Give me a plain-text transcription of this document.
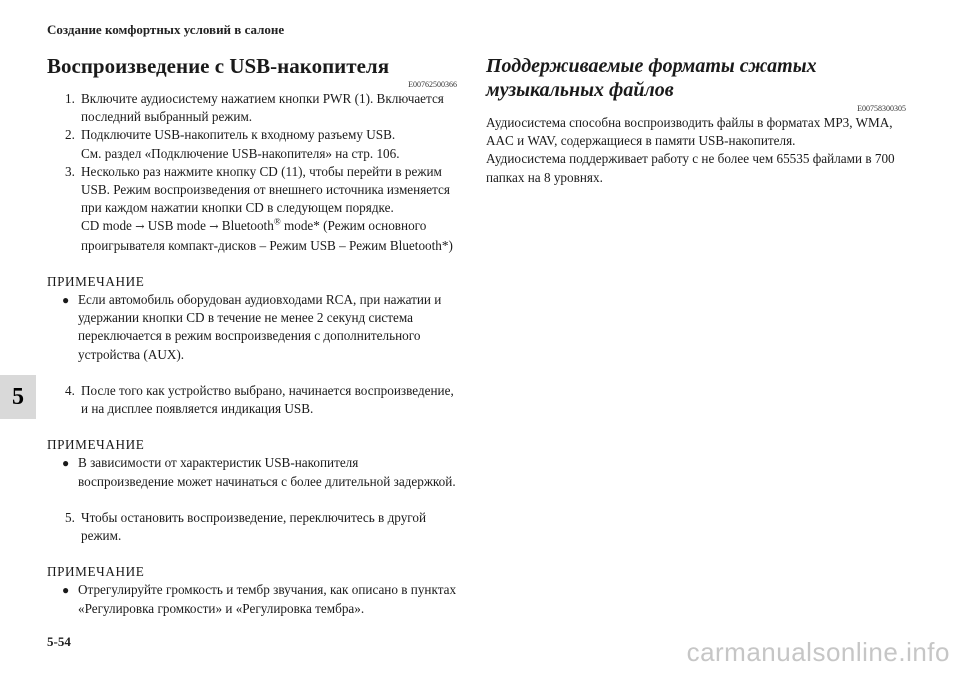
Создание комфортных условий в салоне
5
Воспроизведение с USB-накопителя
E00762500366
1. Включите аудиосистему нажатием кнопки PWR (1). Включается последний выбранный режим.
2. Подключите USB-накопитель к входному разъему USB.
См. раздел «Подключение USB-накопителя» на стр. 106.
3. Несколько раз нажмите кнопку CD (11), чтобы перейти в режим USB. Режим воспроизведения от внешнего источника изменяется при каждом нажатии кнопки CD в следующем порядке.
CD mode → USB mode → Bluetooth® mode* (Режим основного проигрывателя компакт-дисков – Режим USB – Режим Bluetooth*)
ПРИМЕЧАНИЕ
● Если автомобиль оборудован аудиовходами RCA, при нажатии и удержании кнопки CD в течение не менее 2 секунд система переключается в режим воспроизведения с дополнительного устройства (AUX).
4. После того как устройство выбрано, начинается воспроизведение, и на дисплее появляется индикация USB.
ПРИМЕЧАНИЕ
● В зависимости от характеристик USB-накопителя воспроизведение может начинаться с более длительной задержкой.
5. Чтобы остановить воспроизведение, переключитесь в другой режим.
ПРИМЕЧАНИЕ
● Отрегулируйте громкость и тембр звучания, как описано в пунктах «Регулировка громкости» и «Регулировка тембра».
Поддерживаемые форматы сжатых музыкальных файлов
E00758300305
Аудиосистема способна воспроизводить файлы в форматах MP3, WMA, AAC и WAV, содержащиеся в памяти USB-накопителя.
Аудиосистема поддерживает работу с не более чем 65535 файлами в 700 папках на 8 уровнях.
5-54	carmanualsonline.info
